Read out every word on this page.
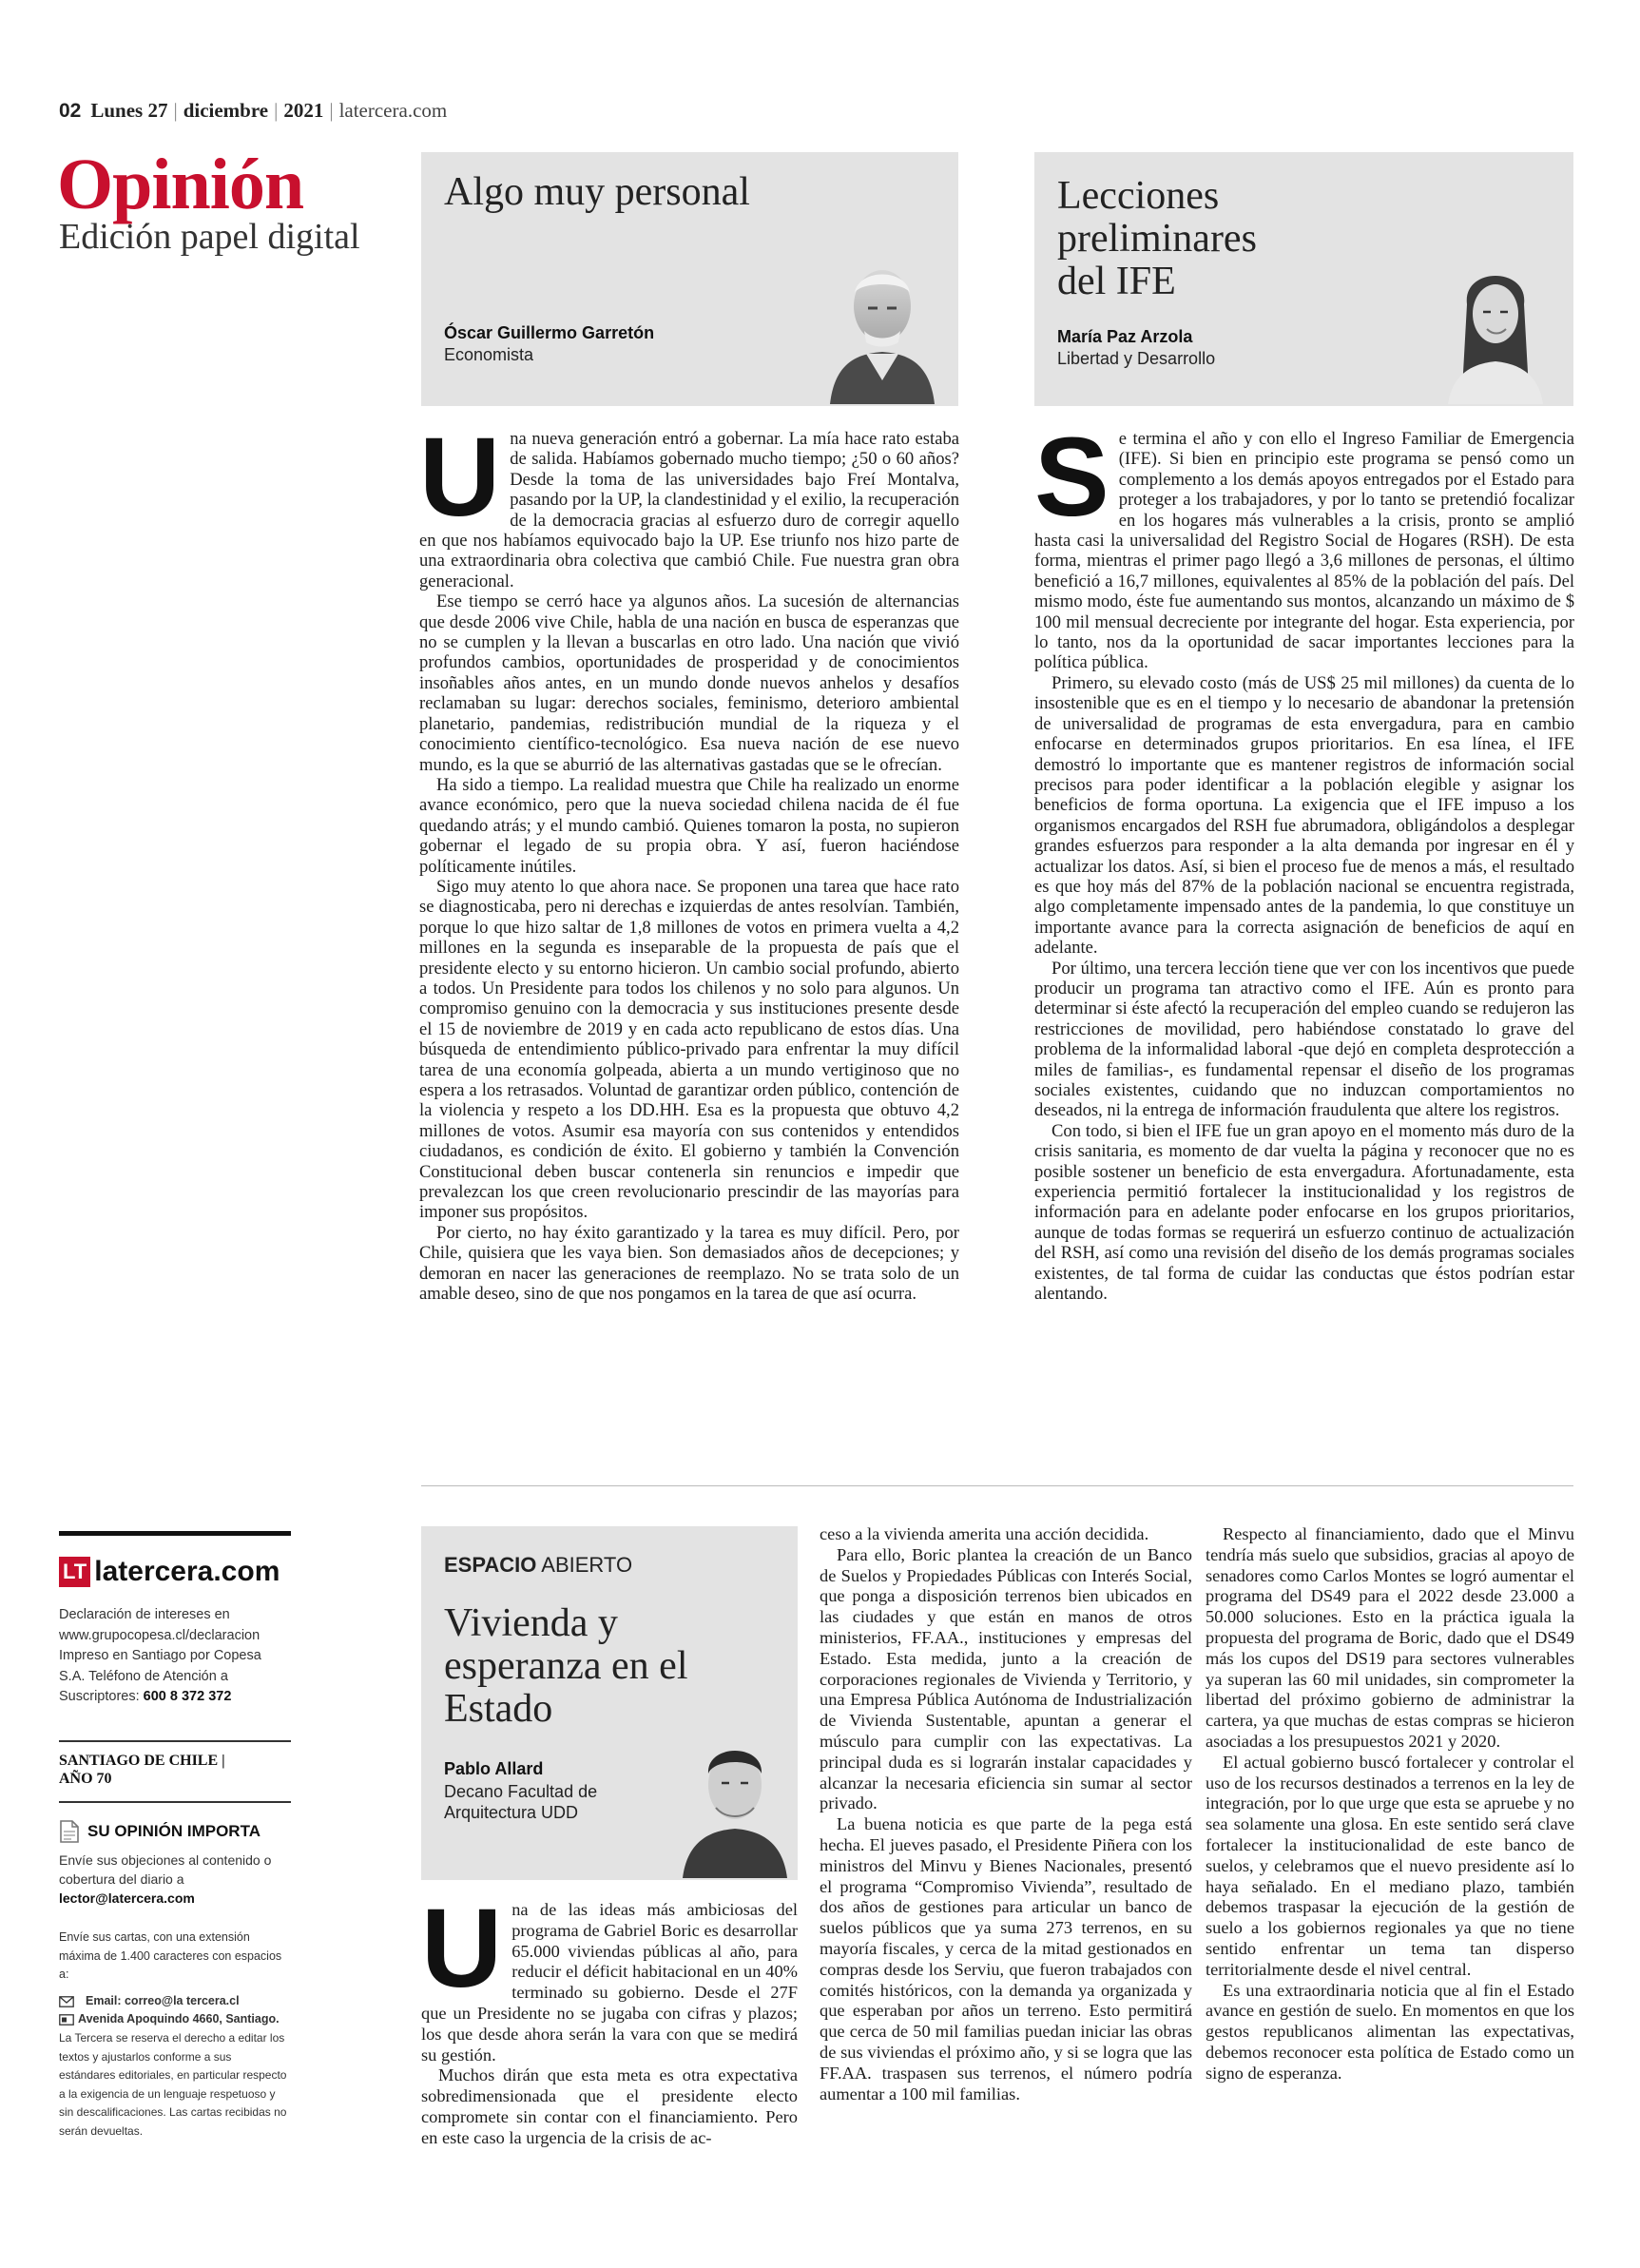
02 Lunes 27 | diciembre | 2021 | latercera.com
Opinión
Edición papel digital
Algo muy personal
Óscar Guillermo Garretón
Economista
Lecciones
preliminares
del IFE
María Paz Arzola
Libertad y Desarrollo
U na nueva generación entró a gobernar. La mía hace rato estaba de salida. Habíamos gobernado mucho tiempo; ¿50 o 60 años? Desde la toma de las universidades bajo Freí Montalva, pasando por la UP, la clandestinidad y el exilio, la recuperación de la democracia gracias al esfuerzo duro de corregir aquello en que nos habíamos equivocado bajo la UP. Ese triunfo nos hizo parte de una extraordinaria obra colectiva que cambió Chile. Fue nuestra gran obra generacional.

Ese tiempo se cerró hace ya algunos años. La sucesión de alternancias que desde 2006 vive Chile, habla de una nación en busca de esperanzas que no se cumplen y la llevan a buscarlas en otro lado. Una nación que vivió profundos cambios, oportunidades de prosperidad y de conocimientos insoñables años antes, en un mundo donde nuevos anhelos y desafíos reclamaban su lugar: derechos sociales, feminismo, deterioro ambiental planetario, pandemias, redistribución mundial de la riqueza y el conocimiento científico-tecnológico. Esa nueva nación de ese nuevo mundo, es la que se aburrió de las alternativas gastadas que se le ofrecían.

Ha sido a tiempo. La realidad muestra que Chile ha realizado un enorme avance económico, pero que la nueva sociedad chilena nacida de él fue quedando atrás; y el mundo cambió. Quienes tomaron la posta, no supieron gobernar el legado de su propia obra. Y así, fueron haciéndose políticamente inútiles.

Sigo muy atento lo que ahora nace. Se proponen una tarea que hace rato se diagnosticaba, pero ni derechas e izquierdas de antes resolvían. También, porque lo que hizo saltar de 1,8 millones de votos en primera vuelta a 4,2 millones en la segunda es inseparable de la propuesta de país que el presidente electo y su entorno hicieron. Un cambio social profundo, abierto a todos. Un Presidente para todos los chilenos y no solo para algunos. Un compromiso genuino con la democracia y sus instituciones presente desde el 15 de noviembre de 2019 y en cada acto republicano de estos días. Una búsqueda de entendimiento público-privado para enfrentar la muy difícil tarea de una economía golpeada, abierta a un mundo vertiginoso que no espera a los retrasados. Voluntad de garantizar orden público, contención de la violencia y respeto a los DD.HH. Esa es la propuesta que obtuvo 4,2 millones de votos. Asumir esa mayoría con sus contenidos y entendidos ciudadanos, es condición de éxito. El gobierno y también la Convención Constitucional deben buscar contenerla sin renuncios e impedir que prevalezcan los que creen revolucionario prescindir de las mayorías para imponer sus propósitos.

Por cierto, no hay éxito garantizado y la tarea es muy difícil. Pero, por Chile, quisiera que les vaya bien. Son demasiados años de decepciones; y demoran en nacer las generaciones de reemplazo. No se trata solo de un amable deseo, sino de que nos pongamos en la tarea de que así ocurra.

S e termina el año y con ello el Ingreso Familiar de Emergencia (IFE). Si bien en principio este programa se pensó como un complemento a los demás apoyos entregados por el Estado para proteger a los trabajadores, y por lo tanto se pretendió focalizar en los hogares más vulnerables a la crisis, pronto se amplió hasta casi la universalidad del Registro Social de Hogares (RSH). De esta forma, mientras el primer pago llegó a 3,6 millones de personas, el último benefició a 16,7 millones, equivalentes al 85% de la población del país. Del mismo modo, éste fue aumentando sus montos, alcanzando un máximo de $ 100 mil mensual decreciente por integrante del hogar. Esta experiencia, por lo tanto, nos da la oportunidad de sacar importantes lecciones para la política pública.

Primero, su elevado costo (más de US$ 25 mil millones) da cuenta de lo insostenible que es en el tiempo y lo necesario de abandonar la pretensión de universalidad de programas de esta envergadura, para en cambio enfocarse en determinados grupos prioritarios. En esa línea, el IFE demostró lo importante que es mantener registros de información social precisos para poder identificar a la población elegible y asignar los beneficios de forma oportuna. La exigencia que el IFE impuso a los organismos encargados del RSH fue abrumadora, obligándolos a desplegar grandes esfuerzos para responder a la alta demanda por ingresar en él y actualizar los datos. Así, si bien el proceso fue de menos a más, el resultado es que hoy más del 87% de la población nacional se encuentra registrada, algo completamente impensado antes de la pandemia, lo que constituye un importante avance para la correcta asignación de beneficios de aquí en adelante.

Por último, una tercera lección tiene que ver con los incentivos que puede producir un programa tan atractivo como el IFE. Aún es pronto para determinar si éste afectó la recuperación del empleo cuando se redujeron las restricciones de movilidad, pero habiéndose constatado lo grave del problema de la informalidad laboral -que dejó en completa desprotección a miles de familias-, es fundamental repensar el diseño de los programas sociales existentes, cuidando que no induzcan comportamientos no deseados, ni la entrega de información fraudulenta que altere los registros.

Con todo, si bien el IFE fue un gran apoyo en el momento más duro de la crisis sanitaria, es momento de dar vuelta la página y reconocer que no es posible sostener un beneficio de esta envergadura. Afortunadamente, esta experiencia permitió fortalecer la institucionalidad y los registros de información para en adelante poder enfocarse en los grupos prioritarios, aunque de todas formas se requerirá un esfuerzo continuo de actualización del RSH, así como una revisión del diseño de los demás programas sociales existentes, de tal forma de cuidar las conductas que éstos podrían estar alentando.

ESPACIO ABIERTO
Vivienda y
esperanza en el
Estado
Pablo Allard
Decano Facultad de
Arquitectura UDD
U na de las ideas más ambiciosas del programa de Gabriel Boric es desarrollar 65.000 viviendas públicas al año, para reducir el déficit habitacional en un 40% terminado su gobierno. Desde el 27F que un Presidente no se jugaba con cifras y plazos; los que desde ahora serán la vara con que se medirá su gestión.

Muchos dirán que esta meta es otra expectativa sobredimensionada que el presidente electo compromete sin contar con el financiamiento. Pero en este caso la urgencia de la crisis de ac-

ceso a la vivienda amerita una acción decidida.

Para ello, Boric plantea la creación de un Banco de Suelos y Propiedades Públicas con Interés Social, que ponga a disposición terrenos bien ubicados en las ciudades y que están en manos de otros ministerios, FF.AA., instituciones y empresas del Estado. Esta medida, junto a la creación de corporaciones regionales de Vivienda y Territorio, y una Empresa Pública Autónoma de Industrialización de Vivienda Sustentable, apuntan a generar el músculo para cumplir con las expectativas. La principal duda es si lograrán instalar capacidades y alcanzar la necesaria eficiencia sin sumar al sector privado.

La buena noticia es que parte de la pega está hecha. El jueves pasado, el Presidente Piñera con los ministros del Minvu y Bienes Nacionales, presentó el programa “Compromiso Vivienda”, resultado de dos años de gestiones para articular un banco de suelos públicos que ya suma 273 terrenos, en su mayoría fiscales, y cerca de la mitad gestionados en compras desde los Serviu, que fueron trabajados con comités históricos, con la demanda ya organizada y que esperaban por años un terreno. Esto permitirá que cerca de 50 mil familias puedan iniciar las obras de sus viviendas el próximo año, y si se logra que las FF.AA. traspasen sus terrenos, el número podría aumentar a 100 mil familias.

Respecto al financiamiento, dado que el Minvu tendría más suelo que subsidios, gracias al apoyo de senadores como Carlos Montes se logró aumentar el programa del DS49 para el 2022 desde 23.000 a 50.000 soluciones. Esto en la práctica iguala la propuesta del programa de Boric, dado que el DS49 más los cupos del DS19 para sectores vulnerables ya superan las 60 mil unidades, sin comprometer la libertad del próximo gobierno de administrar la cartera, ya que muchas de estas compras se hicieron asociadas a los presupuestos 2021 y 2020.

El actual gobierno buscó fortalecer y controlar el uso de los recursos destinados a terrenos en la ley de integración, por lo que urge que esta se apruebe y no sea solamente una glosa. En este sentido será clave fortalecer la institucionalidad de este banco de suelos, y celebramos que el nuevo presidente así lo haya señalado. En el mediano plazo, también debemos traspasar la ejecución de la gestión de suelo a los gobiernos regionales ya que no tiene sentido enfrentar un tema tan disperso territorialmente desde el nivel central.

Es una extraordinaria noticia que al fin el Estado avance en gestión de suelo. En momentos en que los gestos republicanos alimentan las expectativas, debemos reconocer esta política de Estado como un signo de esperanza.

LT latercera.com
Declaración de intereses en www.grupocopesa.cl/declaracion Impreso en Santiago por Copesa S.A. Teléfono de Atención a Suscriptores: 600 8 372 372
SANTIAGO DE CHILE |
AÑO 70
SU OPINIÓN IMPORTA
Envíe sus objeciones al contenido o cobertura del diario a
lector@latercera.com
Envíe sus cartas, con una extensión máxima de 1.400 caracteres con espacios a:
Email: correo@la tercera.cl
Avenida Apoquindo 4660, Santiago.
La Tercera se reserva el derecho a editar los textos y ajustarlos conforme a sus estándares editoriales, en particular respecto a la exigencia de un lenguaje respetuoso y sin descalificaciones. Las cartas recibidas no serán devueltas.
